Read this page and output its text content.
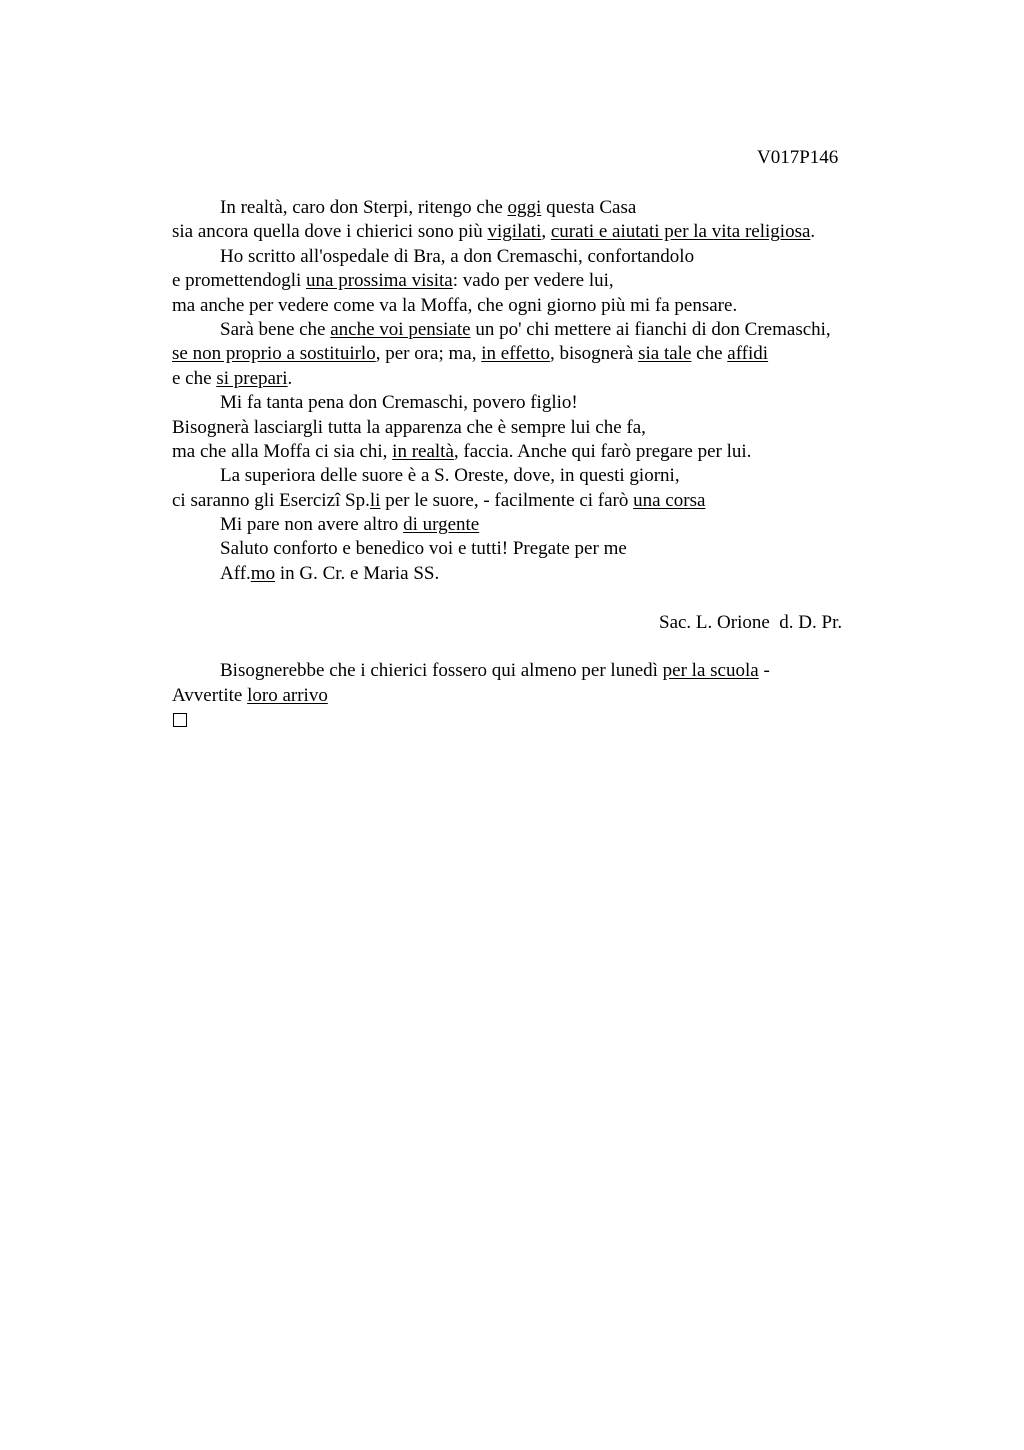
V017P146
In realtà, caro don Sterpi, ritengo che oggi questa Casa
sia ancora quella dove i chierici sono più vigilati, curati e aiutati per la vita religiosa.
Ho scritto all'ospedale di Bra, a don Cremaschi, confortandolo
e promettendogli una prossima visita: vado per vedere lui,
ma anche per vedere come va la Moffa, che ogni giorno più mi fa pensare.
Sarà bene che anche voi pensiate un po' chi mettere ai fianchi di don Cremaschi,
se non proprio a sostituirlo, per ora; ma, in effetto, bisognerà sia tale che affidi
e che si prepari.
Mi fa tanta pena don Cremaschi, povero figlio!
Bisognerà lasciargli tutta la apparenza che è sempre lui che fa,
ma che alla Moffa ci sia chi, in realtà, faccia. Anche qui farò pregare per lui.
La superiora delle suore è a S. Oreste, dove, in questi giorni,
ci saranno gli Esercizi Sp.li per le suore, - facilmente ci farò una corsa
Mi pare non avere altro di urgente
Saluto conforto e benedico voi e tutti! Pregate per me
Aff.mo in G. Cr. e Maria SS.
Sac. L. Orione  d. D. Pr.
Bisognerebbe che i chierici fossero qui almeno per lunedì per la scuola -
Avvertite loro arrivo
